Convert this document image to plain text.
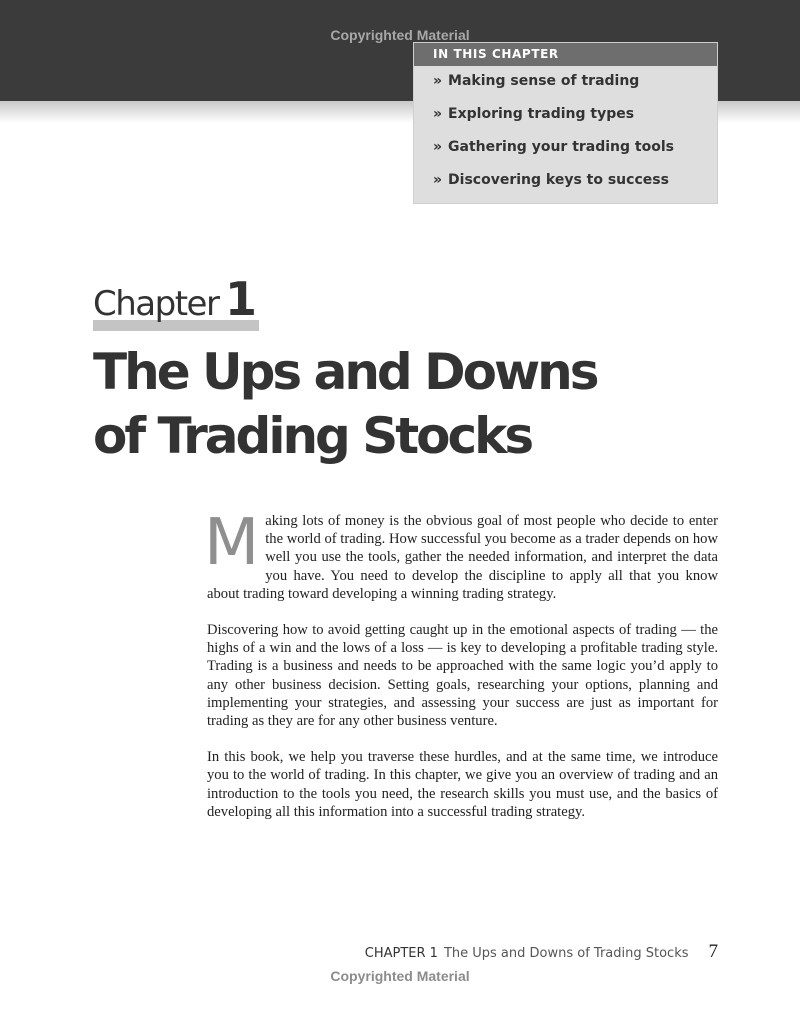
Copyrighted Material
IN THIS CHAPTER
» Making sense of trading
» Exploring trading types
» Gathering your trading tools
» Discovering keys to success
Chapter 1
The Ups and Downs
of Trading Stocks

Making lots of money is the obvious goal of most people who decide to enter the world of trading. How successful you become as a trader depends on how well you use the tools, gather the needed information, and interpret the data you have. You need to develop the discipline to apply all that you know about trading toward developing a winning trading strategy.

Discovering how to avoid getting caught up in the emotional aspects of trading — the highs of a win and the lows of a loss — is key to developing a profitable trading style. Trading is a business and needs to be approached with the same logic you’d apply to any other business decision. Setting goals, researching your options, planning and implementing your strategies, and assessing your success are just as important for trading as they are for any other business venture.

In this book, we help you traverse these hurdles, and at the same time, we introduce you to the world of trading. In this chapter, we give you an overview of trading and an introduction to the tools you need, the research skills you must use, and the basics of developing all this information into a successful trading strategy.

CHAPTER 1 The Ups and Downs of Trading Stocks 7
Copyrighted Material
